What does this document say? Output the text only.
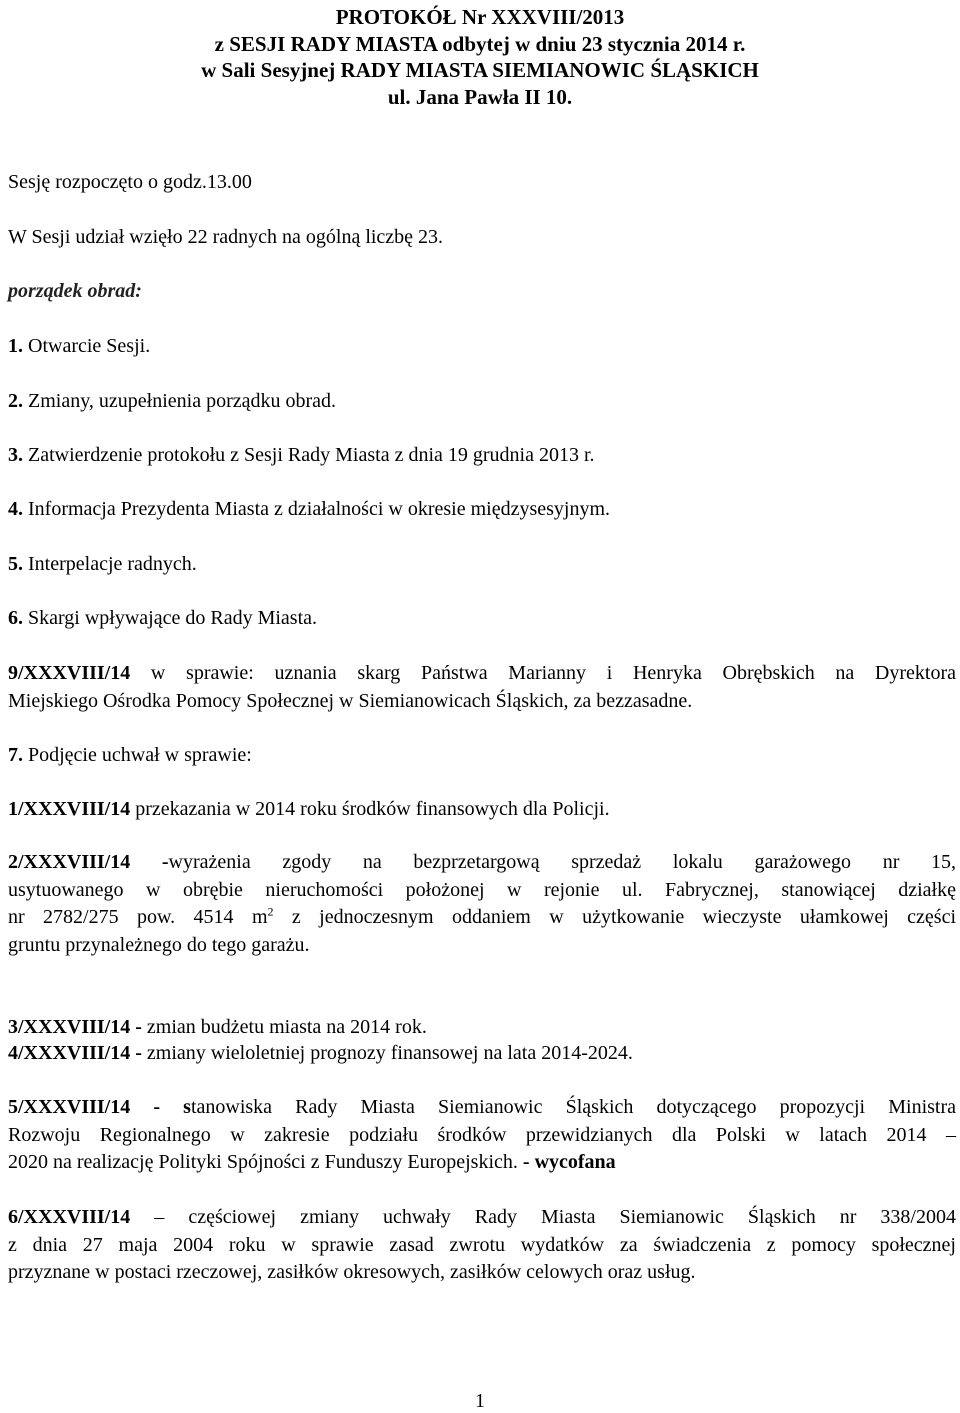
PROTOKÓŁ Nr XXXVIII/2013
z SESJI RADY MIASTA odbytej w dniu 23 stycznia 2014 r.
w Sali Sesyjnej RADY MIASTA SIEMIANOWIC ŚLĄSKICH
ul. Jana Pawła II 10.
Sesję rozpoczęto o godz.13.00
W Sesji udział wzięło 22 radnych na ogólną liczbę 23.
porządek obrad:
1. Otwarcie Sesji.
2. Zmiany, uzupełnienia porządku obrad.
3. Zatwierdzenie protokołu z Sesji Rady Miasta z dnia 19 grudnia 2013 r.
4. Informacja Prezydenta Miasta z działalności w okresie międzysesyjnym.
5. Interpelacje radnych.
6. Skargi wpływające do Rady Miasta.
9/XXXVIII/14 w sprawie: uznania skarg Państwa Marianny i Henryka Obrębskich na Dyrektora
Miejskiego Ośrodka Pomocy Społecznej w Siemianowicach Śląskich, za bezzasadne.
7. Podjęcie uchwał w sprawie:
1/XXXVIII/14 przekazania w 2014 roku środków finansowych dla Policji.
2/XXXVIII/14 -wyrażenia zgody na bezprzetargową sprzedaż lokalu garażowego nr 15,
usytuowanego w obrębie nieruchomości położonej w rejonie ul. Fabrycznej, stanowiącej działkę
nr 2782/275 pow. 4514 $m^2$ z jednoczesnym oddaniem w użytkowanie wieczyste ułamkowej części
gruntu przynależnego do tego garażu.
3/XXXVIII/14 - zmian budżetu miasta na 2014 rok.
4/XXXVIII/14 - zmiany wieloletniej prognozy finansowej na lata 2014-2024.
5/XXXVIII/14 - stanowiska Rady Miasta Siemianowic Śląskich dotyczącego propozycji Ministra
Rozwoju Regionalnego w zakresie podziału środków przewidzianych dla Polski w latach 2014 –
2020 na realizację Polityki Spójności z Funduszy Europejskich. - wycofana
6/XXXVIII/14 – częściowej zmiany uchwały Rady Miasta Siemianowic Śląskich nr 338/2004
z dnia 27 maja 2004 roku w sprawie zasad zwrotu wydatków za świadczenia z pomocy społecznej
przyznane w postaci rzeczowej, zasiłków okresowych, zasiłków celowych oraz usług.
1
